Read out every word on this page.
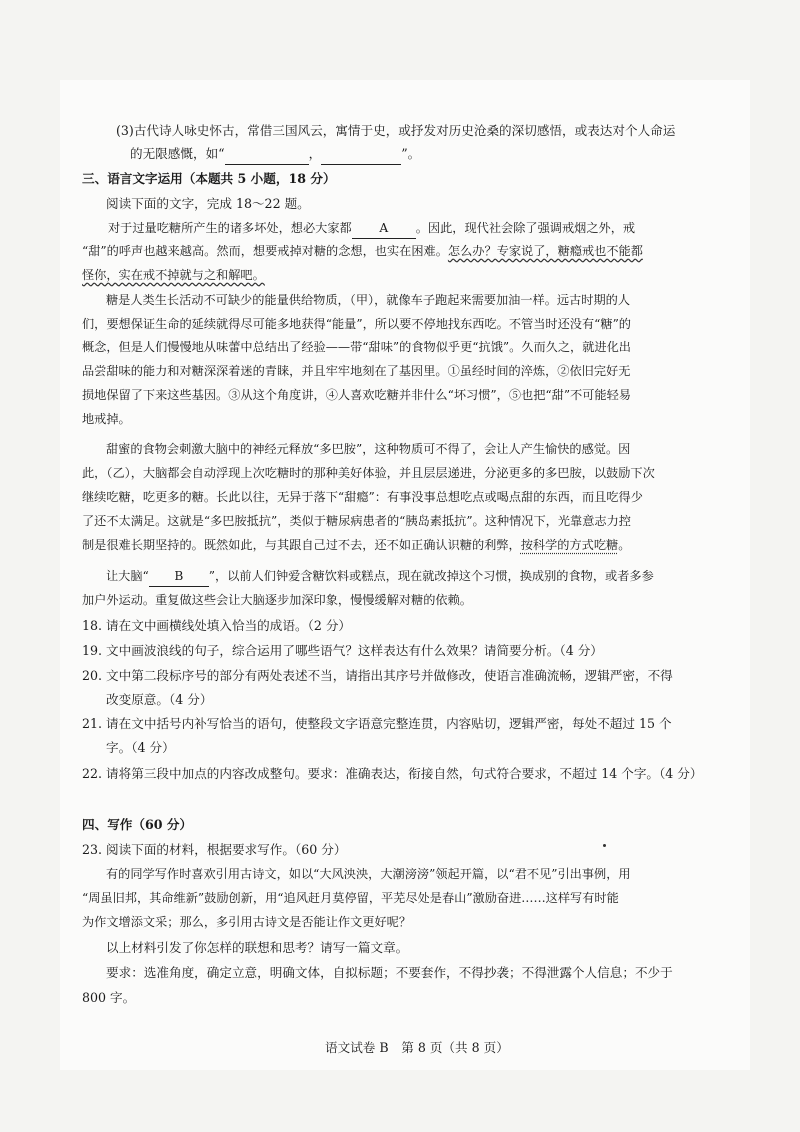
(3)古代诗人咏史怀古，常借三国风云，寓情于史，或抒发对历史沧桑的深切感悟，或表达对个人命运
的无限感慨，如“	，	”。
三、语言文字运用（本题共 5 小题，18 分）
阅读下面的文字，完成 18～22 题。
对于过量吃糖所产生的诸多坏处，想必大家都 A 。因此，现代社会除了强调戒烟之外，戒
“甜”的呼声也越来越高。然而，想要戒掉对糖的念想，也实在困难。怎么办？专家说了，糖瘾戒也不能都
怪你，实在戒不掉就与之和解吧。
糖是人类生长活动不可缺少的能量供给物质，（甲），就像车子跑起来需要加油一样。远古时期的人
们，要想保证生命的延续就得尽可能多地获得“能量”，所以要不停地找东西吃。不管当时还没有“糖”的
概念，但是人们慢慢地从味蕾中总结出了经验——带“甜味”的食物似乎更“抗饿”。久而久之，就进化出
品尝甜味的能力和对糖深深着迷的青睐，并且牢牢地刻在了基因里。①虽经时间的淬炼，②依旧完好无
损地保留了下来这些基因。③从这个角度讲，④人喜欢吃糖并非什么“坏习惯”，⑤也把“甜”不可能轻易
地戒掉。
甜蜜的食物会刺激大脑中的神经元释放“多巴胺”，这种物质可不得了，会让人产生愉快的感觉。因
此，（乙），大脑都会自动浮现上次吃糖时的那种美好体验，并且层层递进，分泌更多的多巴胺，以鼓励下次
继续吃糖，吃更多的糖。长此以往，无异于落下“甜瘾”：有事没事总想吃点或喝点甜的东西，而且吃得少
了还不太满足。这就是“多巴胺抵抗”，类似于糖尿病患者的“胰岛素抵抗”。这种情况下，光靠意志力控
制是很难长期坚持的。既然如此，与其跟自己过不去，还不如正确认识糖的利弊，按科学的方式吃糖。
让大脑“ B ”，以前人们钟爱含糖饮料或糕点，现在就改掉这个习惯，换成别的食物，或者多参
加户外运动。重复做这些会让大脑逐步加深印象，慢慢缓解对糖的依赖。
18. 请在文中画横线处填入恰当的成语。（2 分）
19. 文中画波浪线的句子，综合运用了哪些语气？这样表达有什么效果？请简要分析。（4 分）
20. 文中第二段标序号的部分有两处表述不当，请指出其序号并做修改，使语言准确流畅，逻辑严密，不得
改变原意。（4 分）
21. 请在文中括号内补写恰当的语句，使整段文字语意完整连贯，内容贴切，逻辑严密，每处不超过 15 个
字。（4 分）
22. 请将第三段中加点的内容改成整句。要求：准确表达，衔接自然，句式符合要求，不超过 14 个字。（4 分）
四、写作（60 分）
23. 阅读下面的材料，根据要求写作。（60 分）
有的同学写作时喜欢引用古诗文，如以“大风泱泱，大潮滂滂”领起开篇，以“君不见”引出事例，用
“周虽旧邦，其命维新”鼓励创新，用“追风赶月莫停留，平芜尽处是春山”激励奋进……这样写有时能
为作文增添文采；那么，多引用古诗文是否能让作文更好呢？
以上材料引发了你怎样的联想和思考？请写一篇文章。
要求：选准角度，确定立意，明确文体，自拟标题；不要套作，不得抄袭；不得泄露个人信息；不少于
800 字。
语文试卷 B　第 8 页（共 8 页）
